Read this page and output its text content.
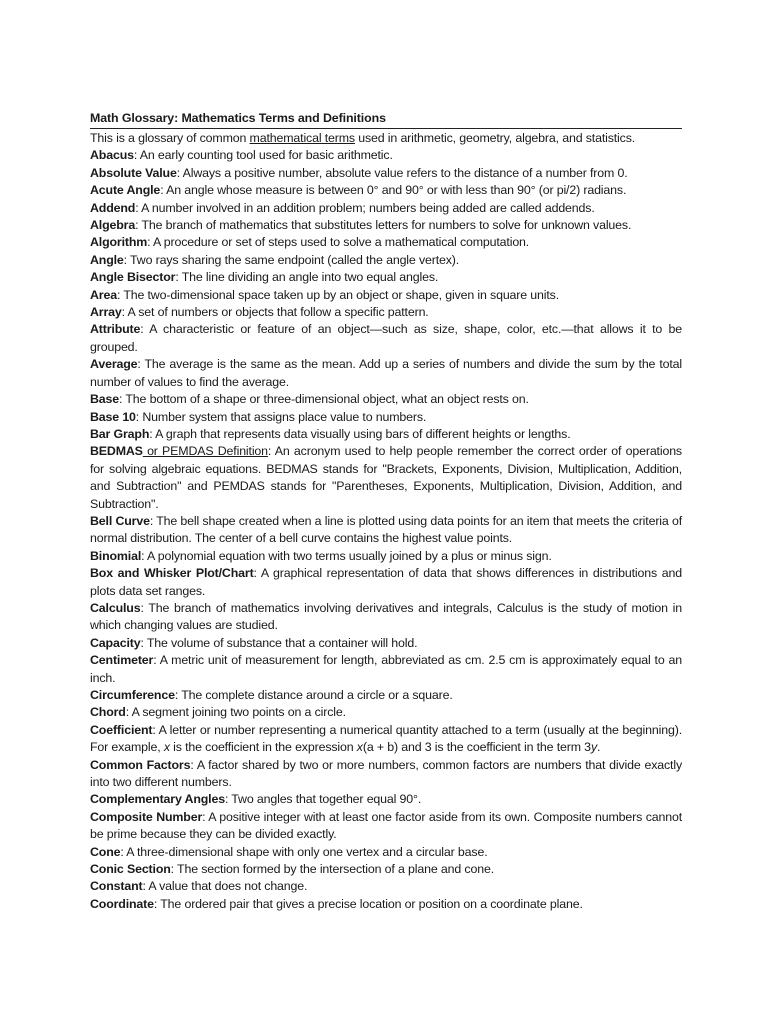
Math Glossary: Mathematics Terms and Definitions
This is a glossary of common mathematical terms used in arithmetic, geometry, algebra, and statistics.
Abacus: An early counting tool used for basic arithmetic.
Absolute Value: Always a positive number, absolute value refers to the distance of a number from 0.
Acute Angle: An angle whose measure is between 0° and 90° or with less than 90° (or pi/2) radians.
Addend: A number involved in an addition problem; numbers being added are called addends.
Algebra: The branch of mathematics that substitutes letters for numbers to solve for unknown values.
Algorithm: A procedure or set of steps used to solve a mathematical computation.
Angle: Two rays sharing the same endpoint (called the angle vertex).
Angle Bisector: The line dividing an angle into two equal angles.
Area: The two-dimensional space taken up by an object or shape, given in square units.
Array: A set of numbers or objects that follow a specific pattern.
Attribute: A characteristic or feature of an object—such as size, shape, color, etc.—that allows it to be grouped.
Average: The average is the same as the mean. Add up a series of numbers and divide the sum by the total number of values to find the average.
Base: The bottom of a shape or three-dimensional object, what an object rests on.
Base 10: Number system that assigns place value to numbers.
Bar Graph: A graph that represents data visually using bars of different heights or lengths.
BEDMAS or PEMDAS Definition: An acronym used to help people remember the correct order of operations for solving algebraic equations. BEDMAS stands for "Brackets, Exponents, Division, Multiplication, Addition, and Subtraction" and PEMDAS stands for "Parentheses, Exponents, Multiplication, Division, Addition, and Subtraction".
Bell Curve: The bell shape created when a line is plotted using data points for an item that meets the criteria of normal distribution. The center of a bell curve contains the highest value points.
Binomial: A polynomial equation with two terms usually joined by a plus or minus sign.
Box and Whisker Plot/Chart: A graphical representation of data that shows differences in distributions and plots data set ranges.
Calculus: The branch of mathematics involving derivatives and integrals, Calculus is the study of motion in which changing values are studied.
Capacity: The volume of substance that a container will hold.
Centimeter: A metric unit of measurement for length, abbreviated as cm. 2.5 cm is approximately equal to an inch.
Circumference: The complete distance around a circle or a square.
Chord: A segment joining two points on a circle.
Coefficient: A letter or number representing a numerical quantity attached to a term (usually at the beginning). For example, x is the coefficient in the expression x(a + b) and 3 is the coefficient in the term 3y.
Common Factors: A factor shared by two or more numbers, common factors are numbers that divide exactly into two different numbers.
Complementary Angles: Two angles that together equal 90°.
Composite Number: A positive integer with at least one factor aside from its own. Composite numbers cannot be prime because they can be divided exactly.
Cone: A three-dimensional shape with only one vertex and a circular base.
Conic Section: The section formed by the intersection of a plane and cone.
Constant: A value that does not change.
Coordinate: The ordered pair that gives a precise location or position on a coordinate plane.
